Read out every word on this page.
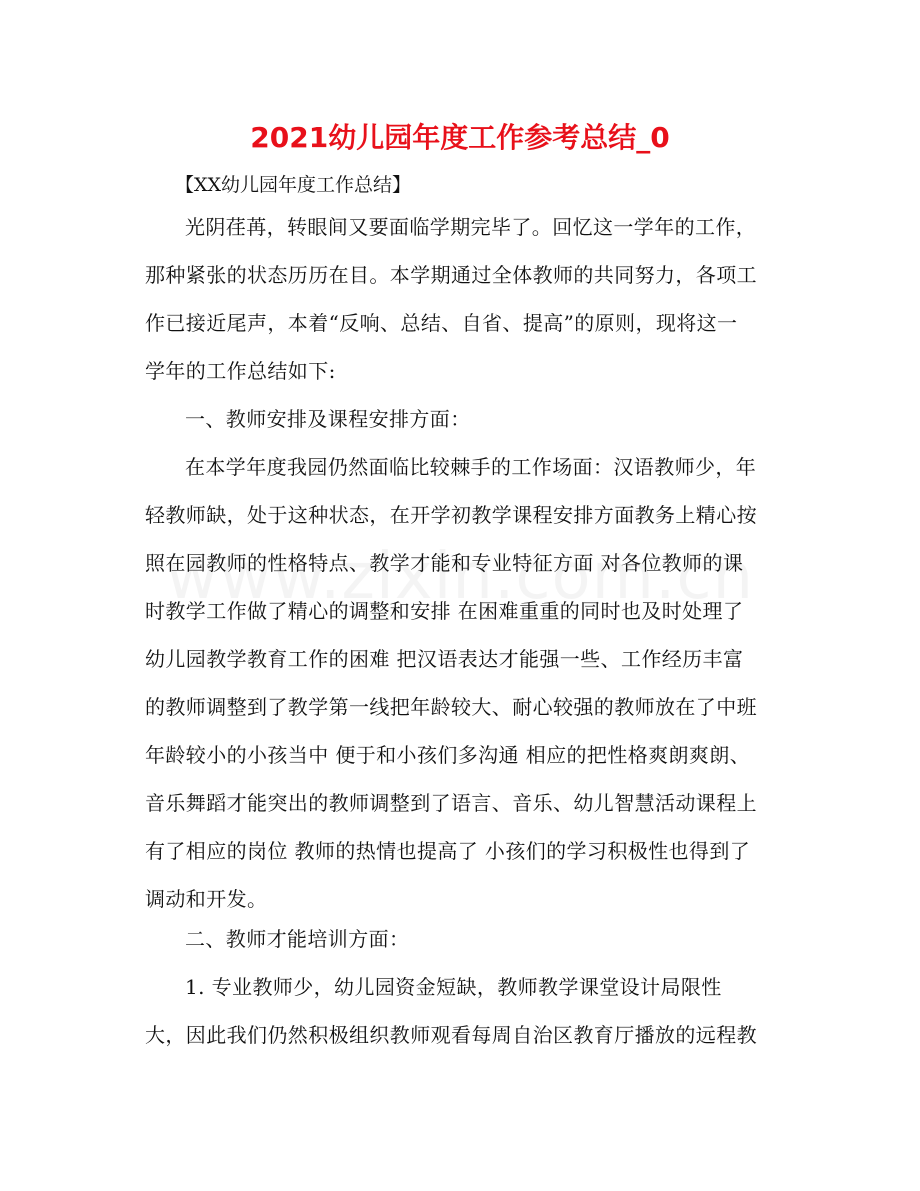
2021幼儿园年度工作参考总结_0
【XX幼儿园年度工作总结】
光阴荏苒，转眼间又要面临学期完毕了。回忆这一学年的工作，
那种紧张的状态历历在目。本学期通过全体教师的共同努力，各项工
作已接近尾声，本着“反响、总结、自省、提高”的原则，现将这一
学年的工作总结如下:
一、教师安排及课程安排方面：
在本学年度我园仍然面临比较棘手的工作场面：汉语教师少，年
轻教师缺，处于这种状态，在开学初教学课程安排方面教务上精心按
照在园教师的性格特点、教学才能和专业特征方面 对各位教师的课
时教学工作做了精心的调整和安排 在困难重重的同时也及时处理了
幼儿园教学教育工作的困难 把汉语表达才能强一些、工作经历丰富
的教师调整到了教学第一线把年龄较大、耐心较强的教师放在了中班
年龄较小的小孩当中 便于和小孩们多沟通 相应的把性格爽朗爽朗、
音乐舞蹈才能突出的教师调整到了语言、音乐、幼儿智慧活动课程上
有了相应的岗位 教师的热情也提高了 小孩们的学习积极性也得到了
调动和开发。
二、教师才能培训方面：
1. 专业教师少，幼儿园资金短缺，教师教学课堂设计局限性
大，因此我们仍然积极组织教师观看每周自治区教育厅播放的远程教
